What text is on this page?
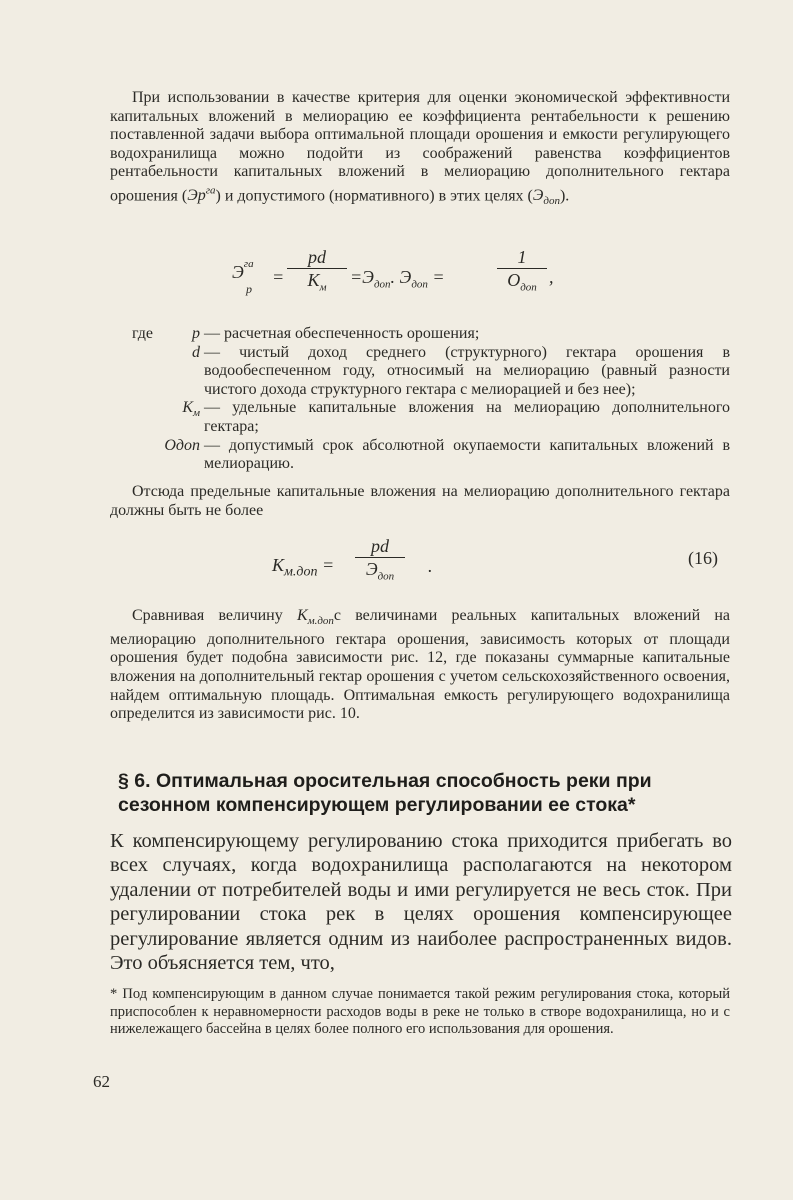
При использовании в качестве критерия для оценки экономической эффективности капитальных вложений в мелиорацию ее коэффициента рентабельности к решению поставленной задачи выбора оптимальной площади орошения и емкости регулирующего водохранилища можно подойти из соображений равенства коэффициентов рентабельности капитальных вложений в мелиорацию дополнительного гектара орошения $(Эр^{га})$ и допустимого (нормативного) в этих целях $(Э_{доп})$.
$Э^{га}$
р
=
pd
$К_м$
$=Э_{доп}$. $Э_{доп}$ =
1
$О_{доп}$
,
где	p — расчетная обеспеченность орошения;
d — чистый доход среднего (структурного) гектара орошения в водообеспеченном году, относимый на мелиорацию (равный разности чистого дохода структурного гектара с мелиорацией и без нее);
$К_м$ — удельные капитальные вложения на мелиорацию дополнительного гектара;
Одоп — допустимый срок абсолютной окупаемости капитальных вложений в мелиорацию.
Отсюда предельные капитальные вложения на мелиорацию дополнительного гектара должны быть не более
$К_{м.доп}$ =
pd
$Э_{доп}$
.	(16)
Сравнивая величину $К_{м.доп}с$ величинами реальных капитальных вложений на мелиорацию дополнительного гектара орошения, зависимость которых от площади орошения будет подобна зависимости рис. 12, где показаны суммарные капитальные вложения на дополнительный гектар орошения с учетом сельскохозяйственного освоения, найдем оптимальную площадь. Оптимальная емкость регулирующего водохранилища определится из зависимости рис. 10.
§ 6. Оптимальная оросительная способность реки при сезонном компенсирующем регулировании ее стока*
К компенсирующему регулированию стока приходится прибегать во всех случаях, когда водохранилища располагаются на некотором удалении от потребителей воды и ими регулируется не весь сток. При регулировании стока рек в целях орошения компенсирующее регулирование является одним из наиболее распространенных видов. Это объясняется тем, что,
* Под компенсирующим в данном случае понимается такой режим регулирования стока, который приспособлен к неравномерности расходов воды в реке не только в створе водохранилища, но и с нижележащего бассейна в целях более полного его использования для орошения.
62
